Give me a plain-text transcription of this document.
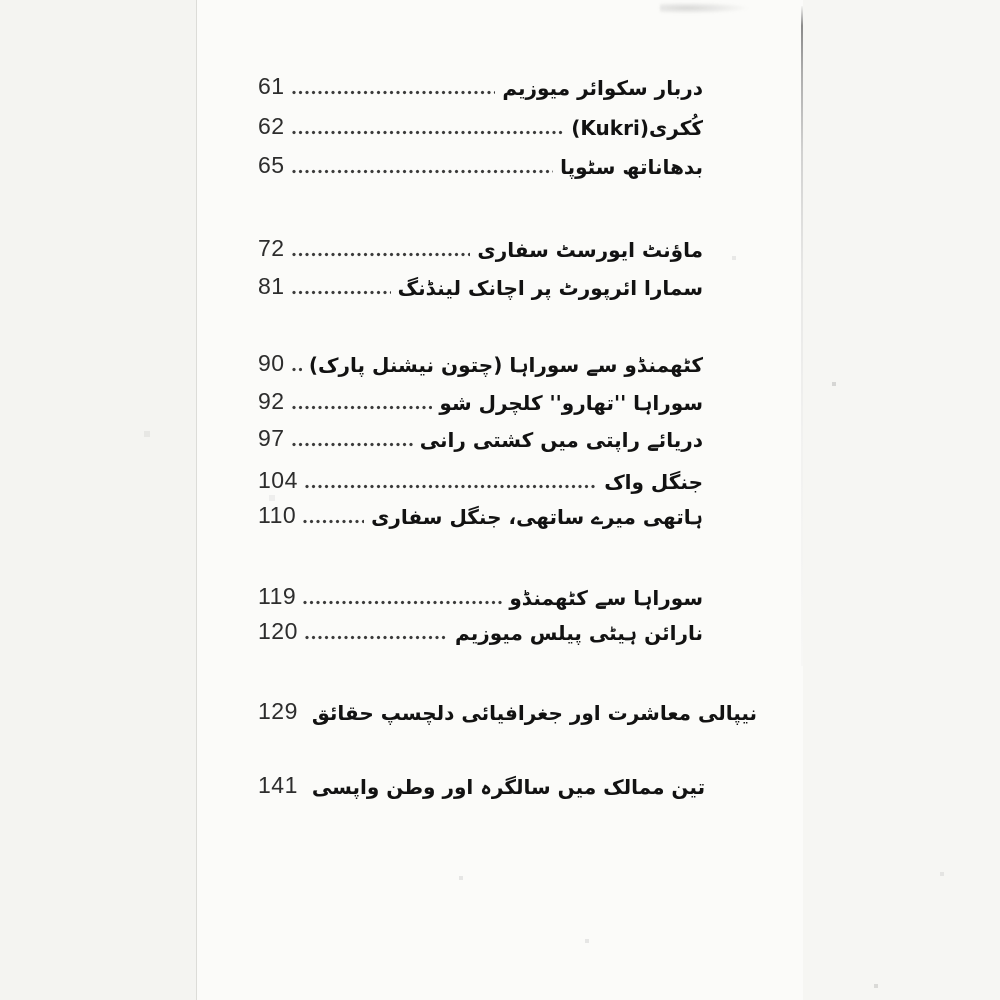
61	دربار سکوائر میوزیم
62	کُکری(Kukri)
65	بدھاناتھ سٹوپا
72	ماؤنٹ ایورسٹ سفاری
81	سمارا ائرپورٹ پر اچانک لینڈنگ
90 کٹھمنڈو سے سوراہا (چتون نیشنل پارک)
92	سوراہا ''تھارو'' کلچرل شو
97	دریائے راپتی میں کشتی رانی
104	جنگل واک
110	ہاتھی میرے ساتھی، جنگل سفاری
119	سوراہا سے کٹھمنڈو
120	نارائن ہیٹی پیلس میوزیم
129 نیپالی معاشرت اور جغرافیائی دلچسپ حقائق
141 تین ممالک میں سالگرہ اور وطن واپسی
